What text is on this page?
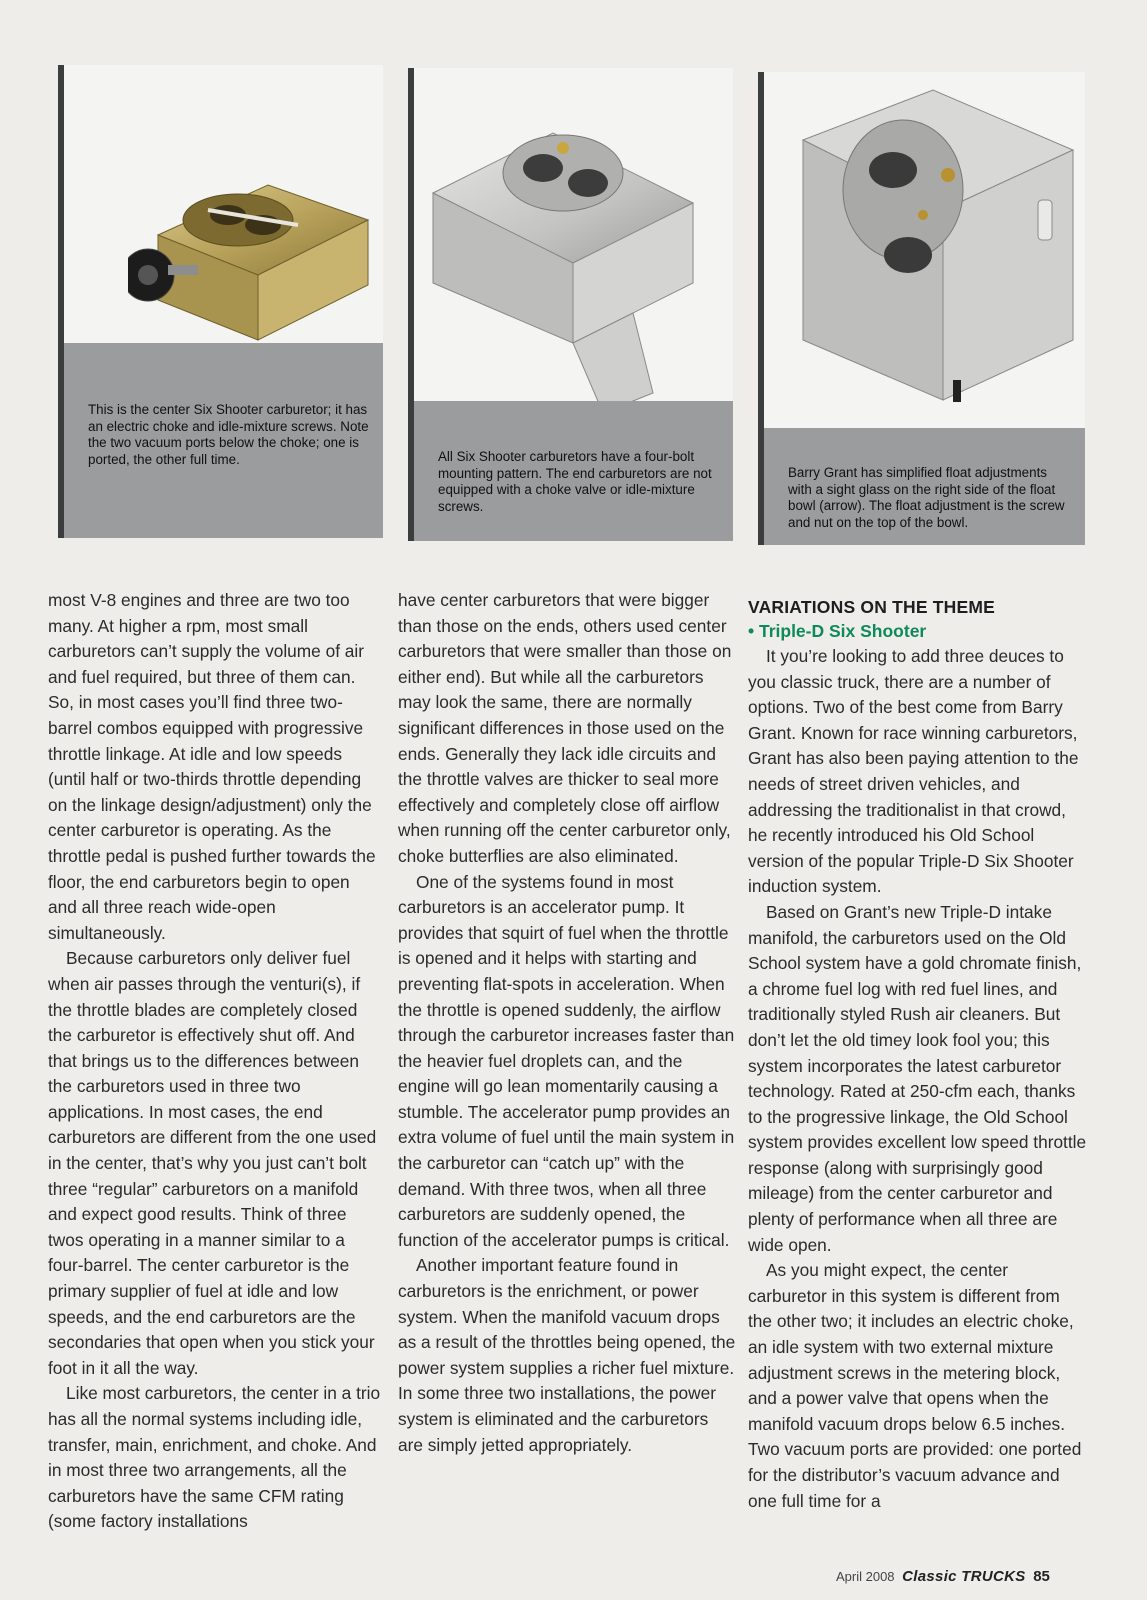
This is the center Six Shooter carburetor; it has an electric choke and idle-mixture screws. Note the two vacuum ports below the choke; one is ported, the other full time.	All Six Shooter carburetors have a four-bolt mounting pattern. The end carburetors are not equipped with a choke valve or idle-mixture screws.
Barry Grant has simplified float adjustments with a sight glass on the right side of the float bowl (arrow). The float adjustment is the screw and nut on the top of the bowl.

most V-8 engines and three are two too many. At higher a rpm, most small carburetors can’t supply the volume of air and fuel required, but three of them can. So, in most cases you’ll find three two-barrel combos equipped with progressive throttle linkage. At idle and low speeds (until half or two-thirds throttle depending on the linkage design/adjustment) only the center carburetor is operating. As the throttle pedal is pushed further towards the floor, the end carburetors begin to open and all three reach wide-open simultaneously.

Because carburetors only deliver fuel when air passes through the venturi(s), if the throttle blades are completely closed the carburetor is effectively shut off. And that brings us to the differences between the carburetors used in three two applications. In most cases, the end carburetors are different from the one used in the center, that’s why you just can’t bolt three “regular” carburetors on a manifold and expect good results. Think of three twos operating in a manner similar to a four-barrel. The center carburetor is the primary supplier of fuel at idle and low speeds, and the end carburetors are the secondaries that open when you stick your foot in it all the way.

Like most carburetors, the center in a trio has all the normal systems including idle, transfer, main, enrichment, and choke. And in most three two arrangements, all the carburetors have the same CFM rating (some factory installations

have center carburetors that were bigger than those on the ends, others used center carburetors that were smaller than those on either end). But while all the carburetors may look the same, there are normally significant differences in those used on the ends. Generally they lack idle circuits and the throttle valves are thicker to seal more effectively and completely close off airflow when running off the center carburetor only, choke butterflies are also eliminated.

One of the systems found in most carburetors is an accelerator pump. It provides that squirt of fuel when the throttle is opened and it helps with starting and preventing flat-spots in acceleration. When the throttle is opened suddenly, the airflow through the carburetor increases faster than the heavier fuel droplets can, and the engine will go lean momentarily causing a stumble. The accelerator pump provides an extra volume of fuel until the main system in the carburetor can “catch up” with the demand. With three twos, when all three carburetors are suddenly opened, the function of the accelerator pumps is critical.

Another important feature found in carburetors is the enrichment, or power system. When the manifold vacuum drops as a result of the throttles being opened, the power system supplies a richer fuel mixture. In some three two installations, the power system is eliminated and the carburetors are simply jetted appropriately.

VARIATIONS ON THE THEME
• Triple-D Six Shooter

It you’re looking to add three deuces to you classic truck, there are a number of options. Two of the best come from Barry Grant. Known for race winning carburetors, Grant has also been paying attention to the needs of street driven vehicles, and addressing the traditionalist in that crowd, he recently introduced his Old School version of the popular Triple-D Six Shooter induction system.

Based on Grant’s new Triple-D intake manifold, the carburetors used on the Old School system have a gold chromate finish, a chrome fuel log with red fuel lines, and traditionally styled Rush air cleaners. But don’t let the old timey look fool you; this system incorporates the latest carburetor technology. Rated at 250-cfm each, thanks to the progressive linkage, the Old School system provides excellent low speed throttle response (along with surprisingly good mileage) from the center carburetor and plenty of performance when all three are wide open.

As you might expect, the center carburetor in this system is different from the other two; it includes an electric choke, an idle system with two external mixture adjustment screws in the metering block, and a power valve that opens when the manifold vacuum drops below 6.5 inches. Two vacuum ports are provided: one ported for the distributor’s vacuum advance and one full time for a

April 2008 Classic TRUCKS 85
